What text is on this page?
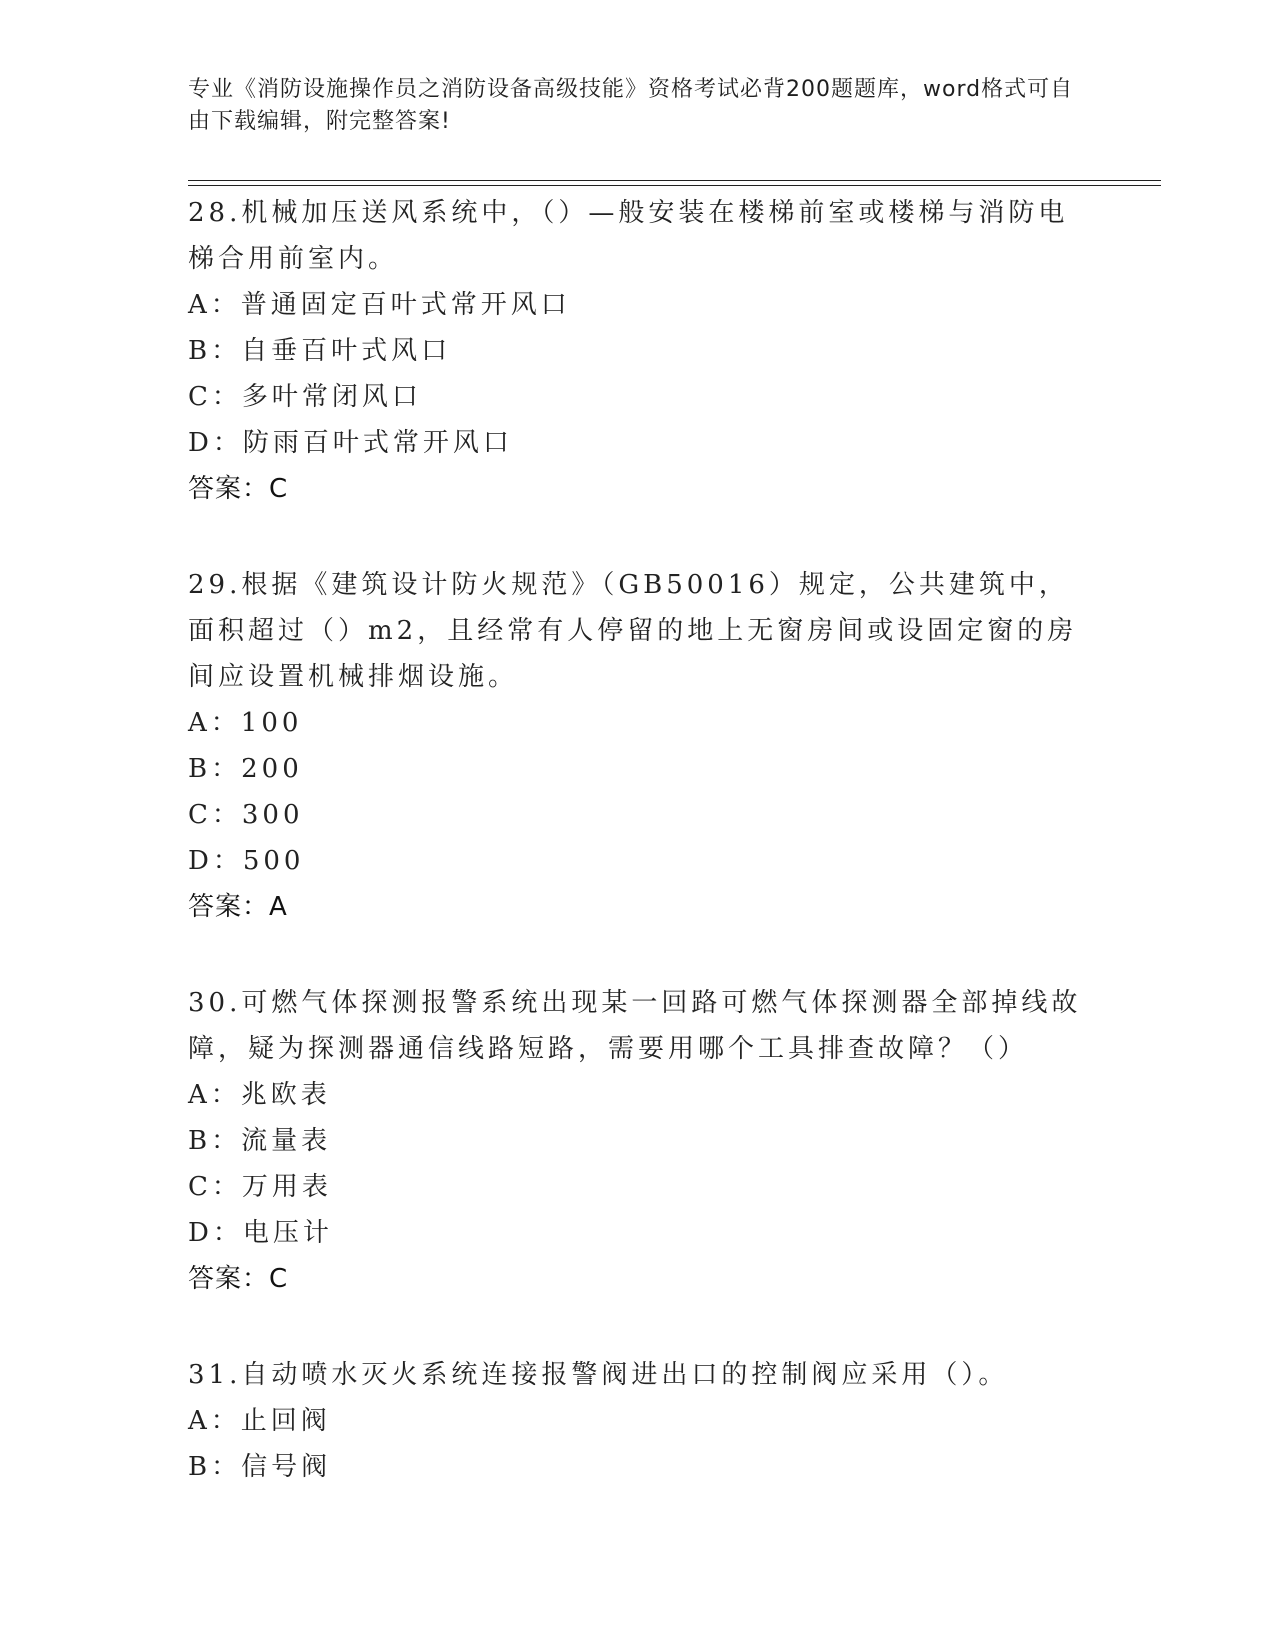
专业《消防设施操作员之消防设备高级技能》资格考试必背200题题库，word格式可自由下载编辑，附完整答案!

28.机械加压送风系统中，（）—般安装在楼梯前室或楼梯与消防电梯合用前室内。

A：普通固定百叶式常开风口
B：自垂百叶式风口
C：多叶常闭风口
D：防雨百叶式常开风口
答案：C

29.根据《建筑设计防火规范》（GB50016）规定，公共建筑中，面积超过（）m2，且经常有人停留的地上无窗房间或设固定窗的房间应设置机械排烟设施。

A：100
B：200
C：300
D：500
答案：A

30.可燃气体探测报警系统出现某一回路可燃气体探测器全部掉线故障，疑为探测器通信线路短路，需要用哪个工具排查故障？（）

A：兆欧表
B：流量表
C：万用表
D：电压计
答案：C

31.自动喷水灭火系统连接报警阀进出口的控制阀应采用（）。

A：止回阀
B：信号阀
